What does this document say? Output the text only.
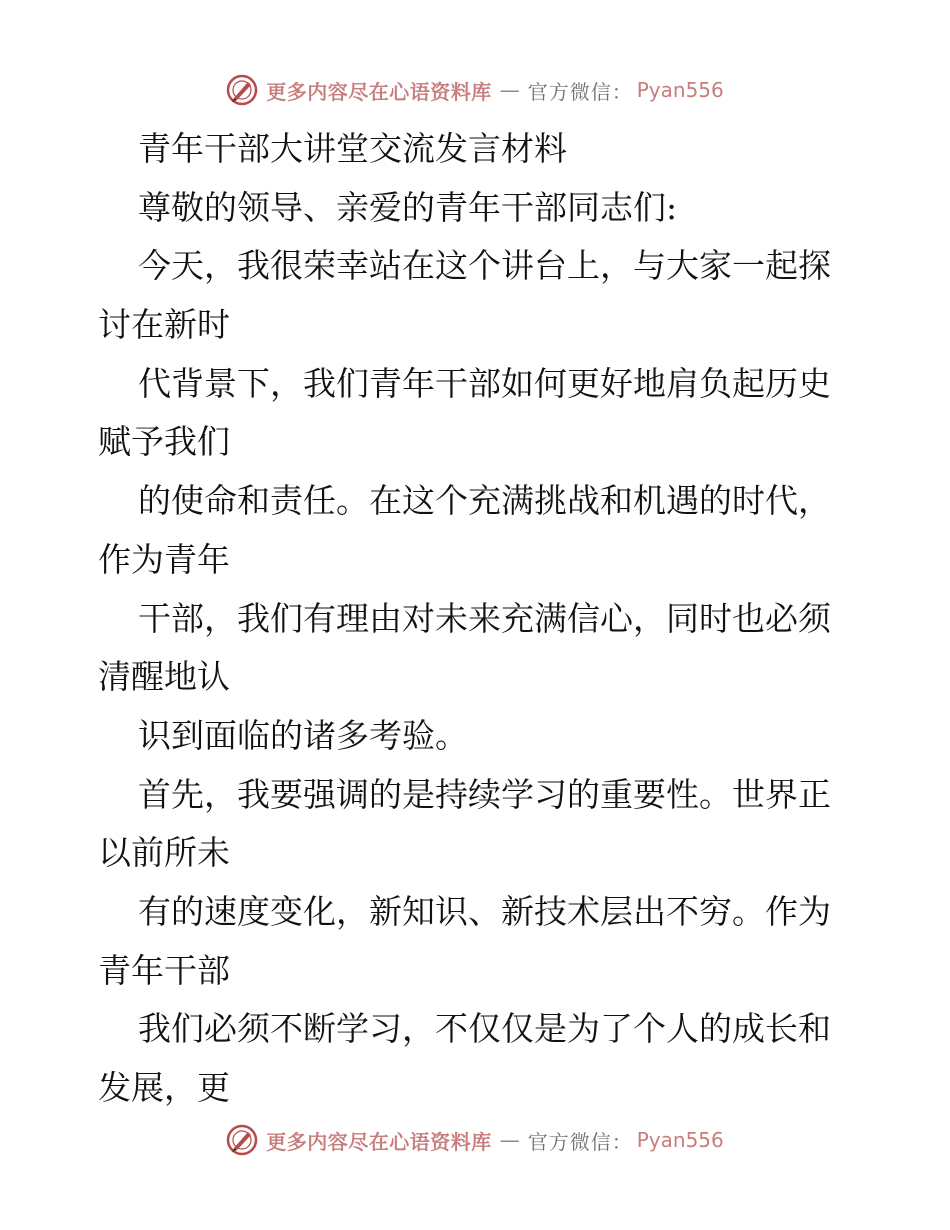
更多内容尽在心语资料库 — 官方微信： Pyan556
青年干部大讲堂交流发言材料
尊敬的领导、亲爱的青年干部同志们:
今天，我很荣幸站在这个讲台上，与大家一起探
讨在新时
代背景下，我们青年干部如何更好地肩负起历史
赋予我们
的使命和责任。在这个充满挑战和机遇的时代，
作为青年
干部，我们有理由对未来充满信心，同时也必须
清醒地认
识到面临的诸多考验。
首先，我要强调的是持续学习的重要性。世界正
以前所未
有的速度变化，新知识、新技术层出不穷。作为
青年干部
我们必须不断学习，不仅仅是为了个人的成长和
发展，更
更多内容尽在心语资料库 — 官方微信： Pyan556
